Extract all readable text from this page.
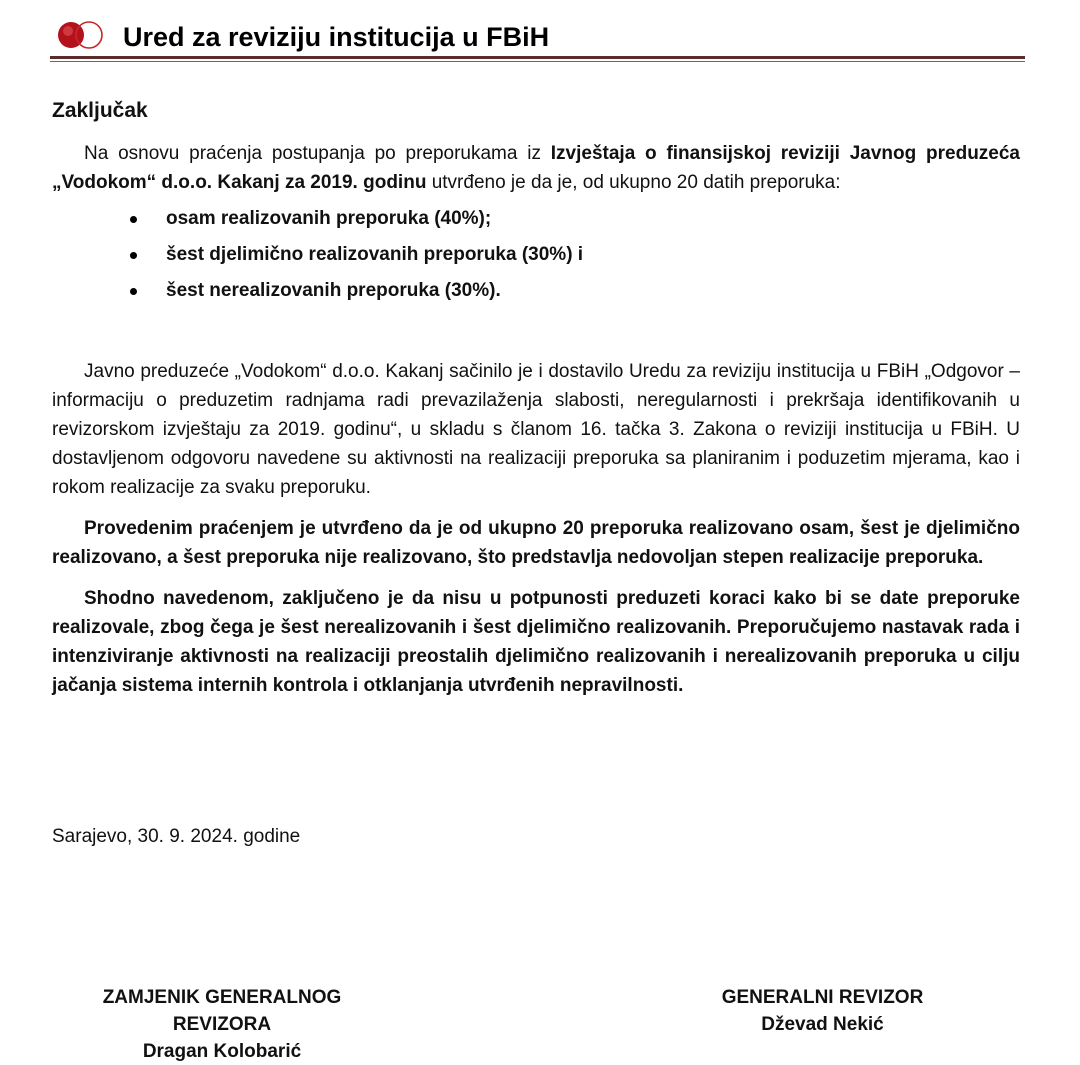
Ured za reviziju institucija u FBiH
Zaključak

Na osnovu praćenja postupanja po preporukama iz Izvještaja o finansijskoj reviziji Javnog preduzeća „Vodokom“ d.o.o. Kakanj za 2019. godinu utvrđeno je da je, od ukupno 20 datih preporuka:

osam realizovanih preporuka (40%);
šest djelimično realizovanih preporuka (30%) i
šest nerealizovanih preporuka (30%).

Javno preduzeće „Vodokom“ d.o.o. Kakanj sačinilo je i dostavilo Uredu za reviziju institucija u FBiH „Odgovor – informaciju o preduzetim radnjama radi prevazilaženja slabosti, neregularnosti i prekršaja identifikovanih u revizorskom izvještaju za 2019. godinu“, u skladu s članom 16. tačka 3. Zakona o reviziji institucija u FBiH. U dostavljenom odgovoru navedene su aktivnosti na realizaciji preporuka sa planiranim i poduzetim mjerama, kao i rokom realizacije za svaku preporuku.

Provedenim praćenjem je utvrđeno da je od ukupno 20 preporuka realizovano osam, šest je djelimično realizovano, a šest preporuka nije realizovano, što predstavlja nedovoljan stepen realizacije preporuka.

Shodno navedenom, zaključeno je da nisu u potpunosti preduzeti koraci kako bi se date preporuke realizovale, zbog čega je šest nerealizovanih i šest djelimično realizovanih. Preporučujemo nastavak rada i intenziviranje aktivnosti na realizaciji preostalih djelimično realizovanih i nerealizovanih preporuka u cilju jačanja sistema internih kontrola i otklanjanja utvrđenih nepravilnosti.

Sarajevo, 30. 9. 2024. godine
ZAMJENIK GENERALNOG REVIZORA
Dragan Kolobarić
GENERALNI REVIZOR
Dževad Nekić
